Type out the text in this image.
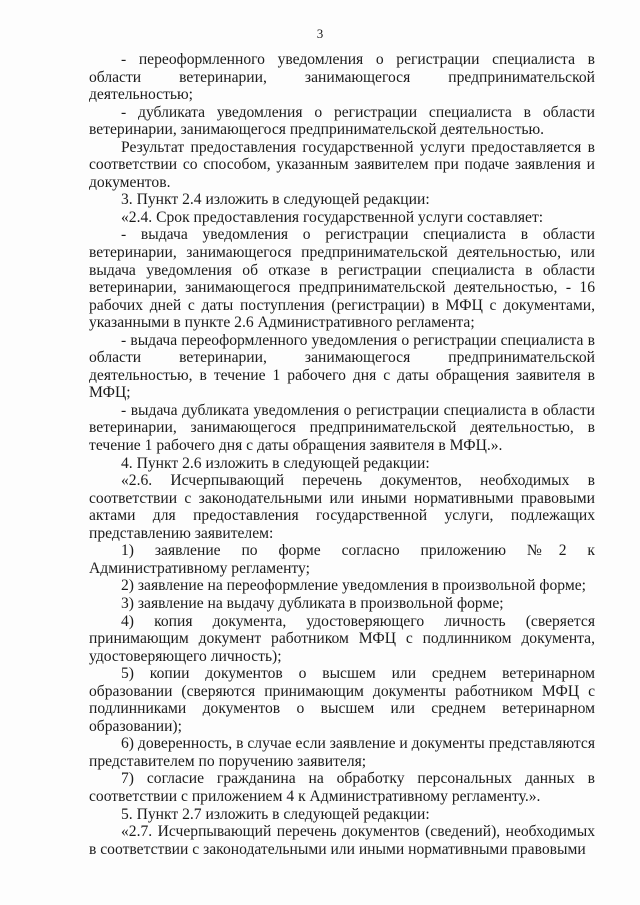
3

- переоформленного уведомления о регистрации специалиста в области ветеринарии, занимающегося предпринимательской деятельностью;

- дубликата уведомления о регистрации специалиста в области ветеринарии, занимающегося предпринимательской деятельностью.

Результат предоставления государственной услуги предоставляется в соответствии со способом, указанным заявителем при подаче заявления и документов.

3. Пункт 2.4 изложить в следующей редакции:

«2.4. Срок предоставления государственной услуги составляет:

- выдача уведомления о регистрации специалиста в области ветеринарии, занимающегося предпринимательской деятельностью, или выдача уведомления об отказе в регистрации специалиста в области ветеринарии, занимающегося предпринимательской деятельностью, - 16 рабочих дней с даты поступления (регистрации) в МФЦ с документами, указанными в пункте 2.6 Административного регламента;

- выдача переоформленного уведомления о регистрации специалиста в области ветеринарии, занимающегося предпринимательской деятельностью, в течение 1 рабочего дня с даты обращения заявителя в МФЦ;

- выдача дубликата уведомления о регистрации специалиста в области ветеринарии, занимающегося предпринимательской деятельностью, в течение 1 рабочего дня с даты обращения заявителя в МФЦ.».

4. Пункт 2.6 изложить в следующей редакции:

«2.6. Исчерпывающий перечень документов, необходимых в соответствии с законодательными или иными нормативными правовыми актами для предоставления государственной услуги, подлежащих представлению заявителем:

1) заявление по форме согласно приложению №2 к Административному регламенту;

2) заявление на переоформление уведомления в произвольной форме;

3) заявление на выдачу дубликата в произвольной форме;

4) копия документа, удостоверяющего личность (сверяется принимающим документ работником МФЦ с подлинником документа, удостоверяющего личность);

5) копии документов о высшем или среднем ветеринарном образовании (сверяются принимающим документы работником МФЦ с подлинниками документов о высшем или среднем ветеринарном образовании);

6) доверенность, в случае если заявление и документы представляются представителем по поручению заявителя;

7) согласие гражданина на обработку персональных данных в соответствии с приложением 4 к Административному регламенту.».

5. Пункт 2.7 изложить в следующей редакции:

«2.7. Исчерпывающий перечень документов (сведений), необходимых в соответствии с законодательными или иными нормативными правовыми
